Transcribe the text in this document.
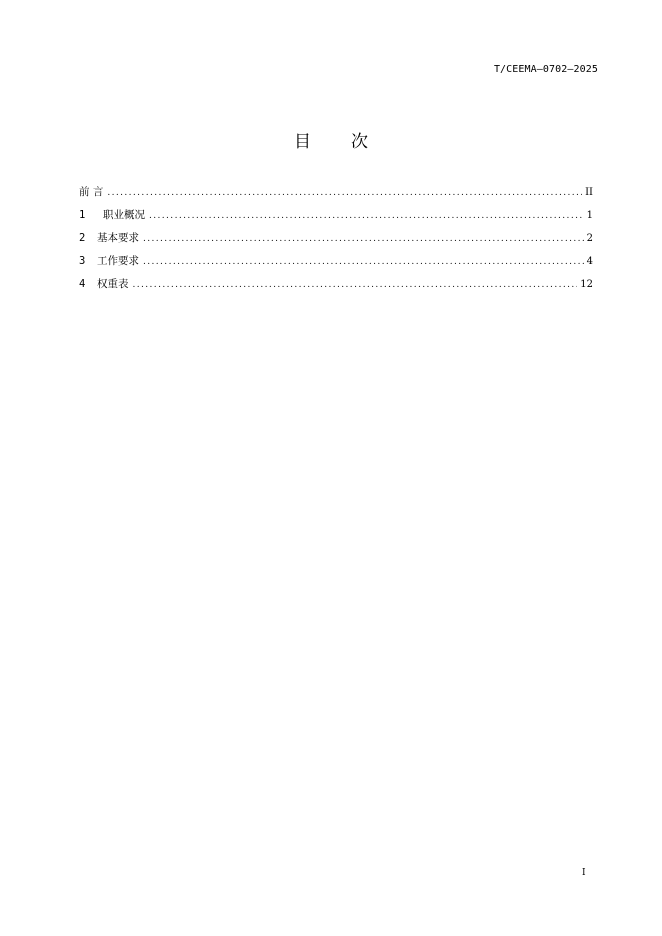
T/CEEMA—0702—2025
目 次
前 言 .....	II
1	职业概况 .....	1
2	基本要求 .....	2
3	工作要求 .....	4
4	权重表 .....	12
I
